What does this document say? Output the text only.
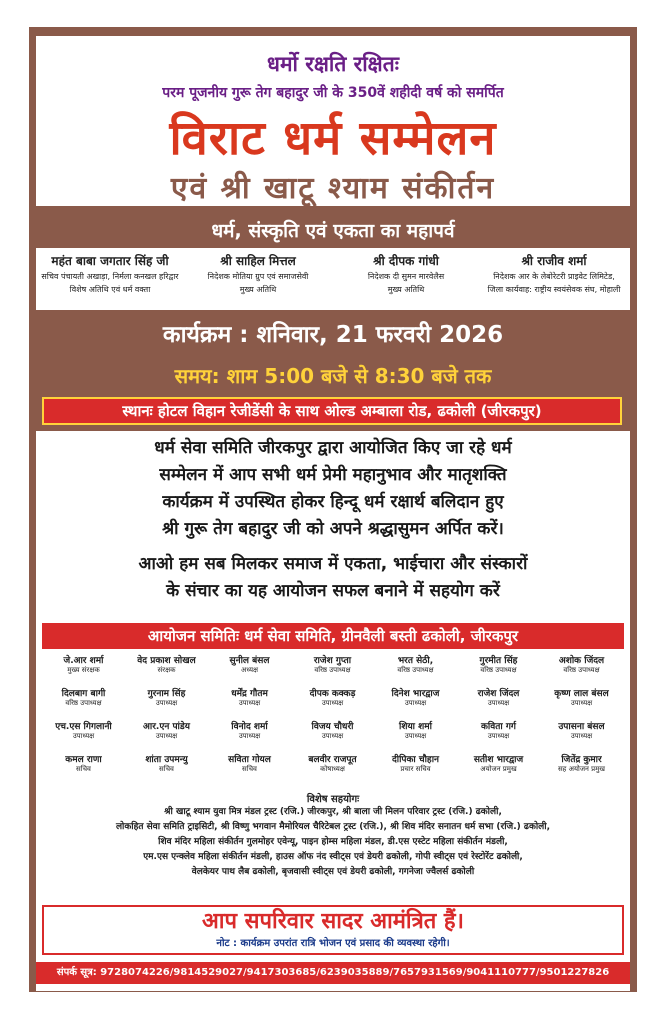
धर्मो रक्षति रक्षितः
परम पूजनीय गुरू तेग बहादुर जी के 350वें शहीदी वर्ष को समर्पित
विराट धर्म सम्मेलन
एवं श्री खाटू श्याम संकीर्तन
धर्म, संस्कृति एवं एकता का महापर्व
महंत बाबा जगतार सिंह जी
सचिव पंचायती अखाड़ा, निर्मला कनखल हरिद्वार
विशेष अतिथि एवं धर्म वक्ता
श्री साहिल मित्तल
निदेशक मोतिया ग्रुप एवं समाजसेवी
मुख्य अतिथि
श्री दीपक गांधी
निदेशक दी सुमन मारवेलैस
मुख्य अतिथि
श्री राजीव शर्मा
निदेशक आर के लेबोरेटरी प्राइवेट लिमिटेड,
जिला कार्यवाह: राष्ट्रीय स्वयंसेवक संघ, मोहाली
कार्यक्रम : शनिवार, 21 फरवरी 2026
समय: शाम 5:00 बजे से 8:30 बजे तक
स्थानः होटल विहान रेजीडेंसी के साथ ओल्ड अम्बाला रोड, ढकोली (जीरकपुर)
धर्म सेवा समिति जीरकपुर द्वारा आयोजित किए जा रहे धर्म
सम्मेलन में आप सभी धर्म प्रेमी महानुभाव और मातृशक्ति
कार्यक्रम में उपस्थित होकर हिन्दू धर्म रक्षार्थ बलिदान हुए
श्री गुरू तेग बहादुर जी को अपने श्रद्धासुमन अर्पित करें।
आओ हम सब मिलकर समाज में एकता, भाईचारा और संस्कारों
के संचार का यह आयोजन सफल बनाने में सहयोग करें
आयोजन समितिः धर्म सेवा समिति, ग्रीनवैली बस्ती ढकोली, जीरकपुर
जे.आर शर्मा
मुख्य संरक्षक
वेद प्रकाश सोखल
संरक्षक
सुनील बंसल
अध्यक्ष
राजेश गुप्ता
वरिष्ठ उपाध्यक्ष
भरत सेठी,
वरिष्ठ उपाध्यक्ष
गुरमीत सिंह
वरिष्ठ उपाध्यक्ष
अशोक जिंदल
वरिष्ठ उपाध्यक्ष
दिलबाग बागी
वरिष्ठ उपाध्यक्ष
गुरनाम सिंह
उपाध्यक्ष
धर्मेंद्र गौतम
उपाध्यक्ष
दीपक कक्कड़
उपाध्यक्ष
दिनेश भारद्वाज
उपाध्यक्ष
राजेश जिंदल
उपाध्यक्ष
कृष्ण लाल बंसल
उपाध्यक्ष
एच.एस गिगलानी
उपाध्यक्ष
आर.एन पांडेय
उपाध्यक्ष
विनोद शर्मा
उपाध्यक्ष
विजय चौधरी
उपाध्यक्ष
शिया शर्मा
उपाध्यक्ष
कविता गर्ग
उपाध्यक्ष
उपासना बंसल
उपाध्यक्ष
कमल राणा
सचिव
शांता उपमन्यु
सचिव
सविता गोयल
सचिव
बलवीर राजपूत
कोषाध्यक्ष
दीपिका चौहान
प्रचार सचिव
सतीश भारद्वाज
अयोजन प्रमुख
जितेंद्र कुमार
सह अयोजन प्रमुख
विशेष सहयोगः
श्री खाटू श्याम युवा मित्र मंडल ट्रस्ट (रजि.) जीरकपुर, श्री बाला जी मिलन परिवार ट्रस्ट (रजि.) ढकोली,
लोकहित सेवा समिति ट्राइसिटी, श्री विष्णु भगवान मैमोरियल चैरिटेबल ट्रस्ट (रजि.), श्री शिव मंदिर सनातन धर्म सभा (रजि.) ढकोली,
शिव मंदिर महिला संकीर्तन गुलमोहर एवेन्यू, पाइन होम्स महिला मंडल, डी.एस एस्टेट महिला संकीर्तन मंडली,
एम.एस एन्क्लेव महिला संकीर्तन मंडली, हाउस ऑफ नंद स्वीट्स एवं डेयरी ढकोली, गोपी स्वीट्स एवं रेस्टोरेंट ढकोली,
वेलकेयर पाथ लैब ढकोली, बृजवासी स्वीट्स एवं डेयरी ढकोली, गगनेजा ज्वैलर्स ढकोली
आप सपरिवार सादर आमंत्रित हैं।
नोट : कार्यक्रम उपरांत रात्रि भोजन एवं प्रसाद की व्यवस्था रहेगी।
संपर्क सूत्र: 9728074226/9814529027/9417303685/6239035889/7657931569/9041110777/9501227826
